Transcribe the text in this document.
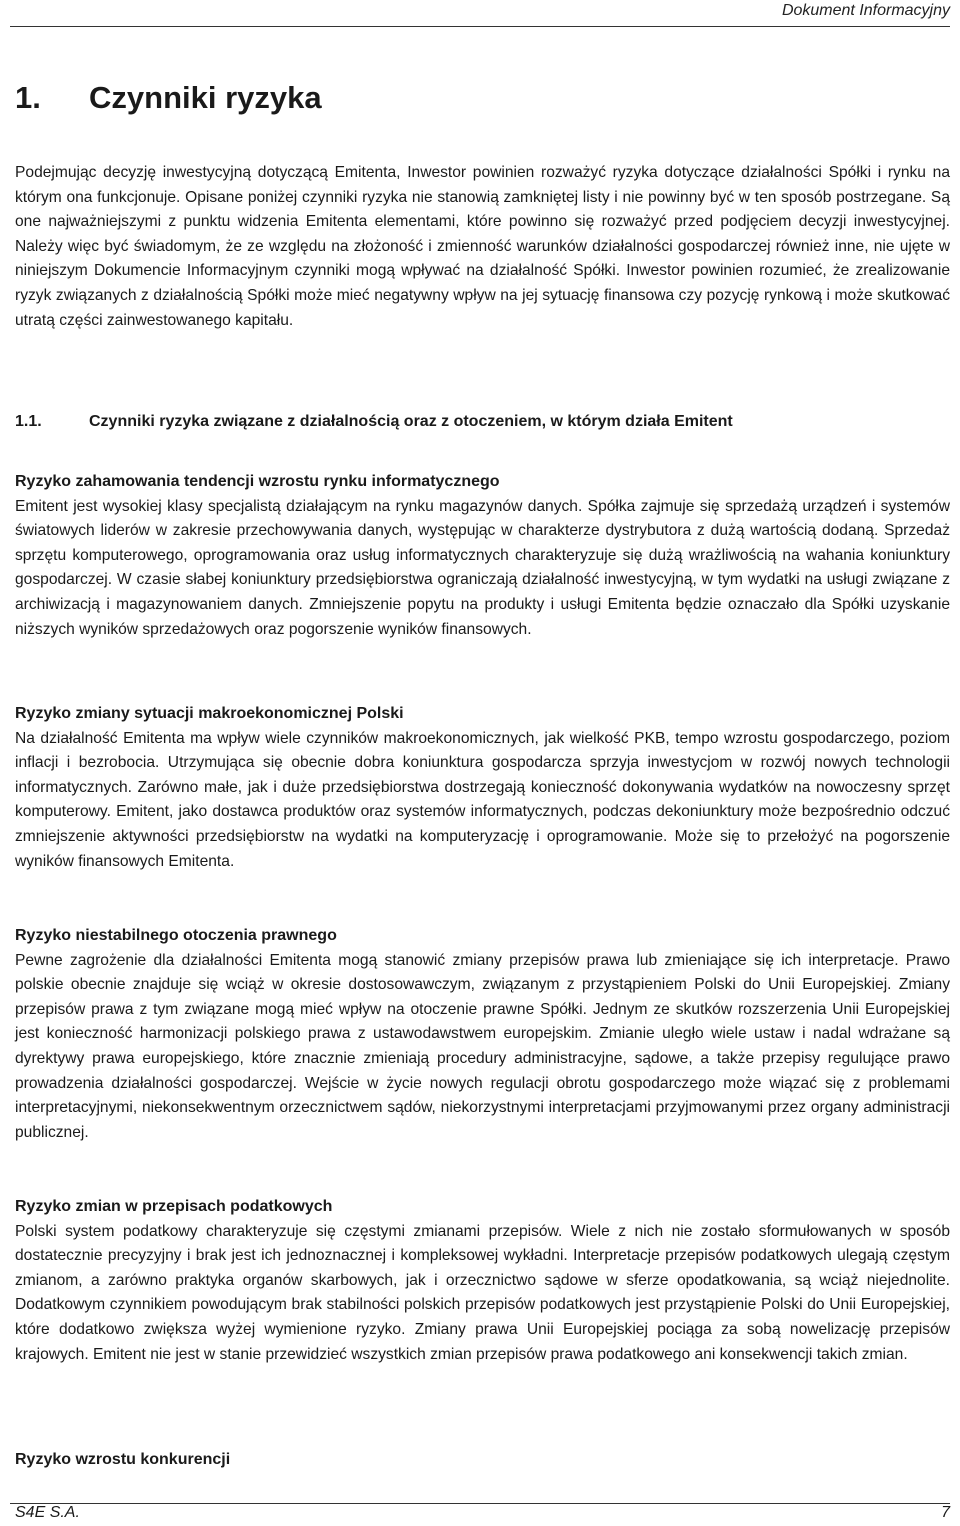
Dokument Informacyjny
1. Czynniki ryzyka

Podejmując decyzję inwestycyjną dotyczącą Emitenta, Inwestor powinien rozważyć ryzyka dotyczące działalności Spółki i rynku na którym ona funkcjonuje. Opisane poniżej czynniki ryzyka nie stanowią zamkniętej listy i nie powinny być w ten sposób postrzegane. Są one najważniejszymi z punktu widzenia Emitenta elementami, które powinno się rozważyć przed podjęciem decyzji inwestycyjnej. Należy więc być świadomym, że ze względu na złożoność i zmienność warunków działalności gospodarczej również inne, nie ujęte w niniejszym Dokumencie Informacyjnym czynniki mogą wpływać na działalność Spółki. Inwestor powinien rozumieć, że zrealizowanie ryzyk związanych z działalnością Spółki może mieć negatywny wpływ na jej sytuację finansowa czy pozycję rynkową i może skutkować utratą części zainwestowanego kapitału.

1.1.	Czynniki ryzyka związane z działalnością oraz z otoczeniem, w którym działa Emitent
Ryzyko zahamowania tendencji wzrostu rynku informatycznego

Emitent jest wysokiej klasy specjalistą działającym na rynku magazynów danych. Spółka zajmuje się sprzedażą urządzeń i systemów światowych liderów w zakresie przechowywania danych, występując w charakterze dystrybutora z dużą wartością dodaną. Sprzedaż sprzętu komputerowego, oprogramowania oraz usług informatycznych charakteryzuje się dużą wrażliwością na wahania koniunktury gospodarczej. W czasie słabej koniunktury przedsiębiorstwa ograniczają działalność inwestycyjną, w tym wydatki na usługi związane z archiwizacją i magazynowaniem danych. Zmniejszenie popytu na produkty i usługi Emitenta będzie oznaczało dla Spółki uzyskanie niższych wyników sprzedażowych oraz pogorszenie wyników finansowych.

Ryzyko zmiany sytuacji makroekonomicznej Polski

Na działalność Emitenta ma wpływ wiele czynników makroekonomicznych, jak wielkość PKB, tempo wzrostu gospodarczego, poziom inflacji i bezrobocia. Utrzymująca się obecnie dobra koniunktura gospodarcza sprzyja inwestycjom w rozwój nowych technologii informatycznych. Zarówno małe, jak i duże przedsiębiorstwa dostrzegają konieczność dokonywania wydatków na nowoczesny sprzęt komputerowy. Emitent, jako dostawca produktów oraz systemów informatycznych, podczas dekoniunktury może bezpośrednio odczuć zmniejszenie aktywności przedsiębiorstw na wydatki na komputeryzację i oprogramowanie. Może się to przełożyć na pogorszenie wyników finansowych Emitenta.

Ryzyko niestabilnego otoczenia prawnego

Pewne zagrożenie dla działalności Emitenta mogą stanowić zmiany przepisów prawa lub zmieniające się ich interpretacje. Prawo polskie obecnie znajduje się wciąż w okresie dostosowawczym, związanym z przystąpieniem Polski do Unii Europejskiej. Zmiany przepisów prawa z tym związane mogą mieć wpływ na otoczenie prawne Spółki. Jednym ze skutków rozszerzenia Unii Europejskiej jest konieczność harmonizacji polskiego prawa z ustawodawstwem europejskim. Zmianie uległo wiele ustaw i nadal wdrażane są dyrektywy prawa europejskiego, które znacznie zmieniają procedury administracyjne, sądowe, a także przepisy regulujące prawo prowadzenia działalności gospodarczej. Wejście w życie nowych regulacji obrotu gospodarczego może wiązać się z problemami interpretacyjnymi, niekonsekwentnym orzecznictwem sądów, niekorzystnymi interpretacjami przyjmowanymi przez organy administracji publicznej.

Ryzyko zmian w przepisach podatkowych

Polski system podatkowy charakteryzuje się częstymi zmianami przepisów. Wiele z nich nie zostało sformułowanych w sposób dostatecznie precyzyjny i brak jest ich jednoznacznej i kompleksowej wykładni. Interpretacje przepisów podatkowych ulegają częstym zmianom, a zarówno praktyka organów skarbowych, jak i orzecznictwo sądowe w sferze opodatkowania, są wciąż niejednolite. Dodatkowym czynnikiem powodującym brak stabilności polskich przepisów podatkowych jest przystąpienie Polski do Unii Europejskiej, które dodatkowo zwiększa wyżej wymienione ryzyko. Zmiany prawa Unii Europejskiej pociąga za sobą nowelizację przepisów krajowych. Emitent nie jest w stanie przewidzieć wszystkich zmian przepisów prawa podatkowego ani konsekwencji takich zmian.

Ryzyko wzrostu konkurencji
S4E S.A.	7
